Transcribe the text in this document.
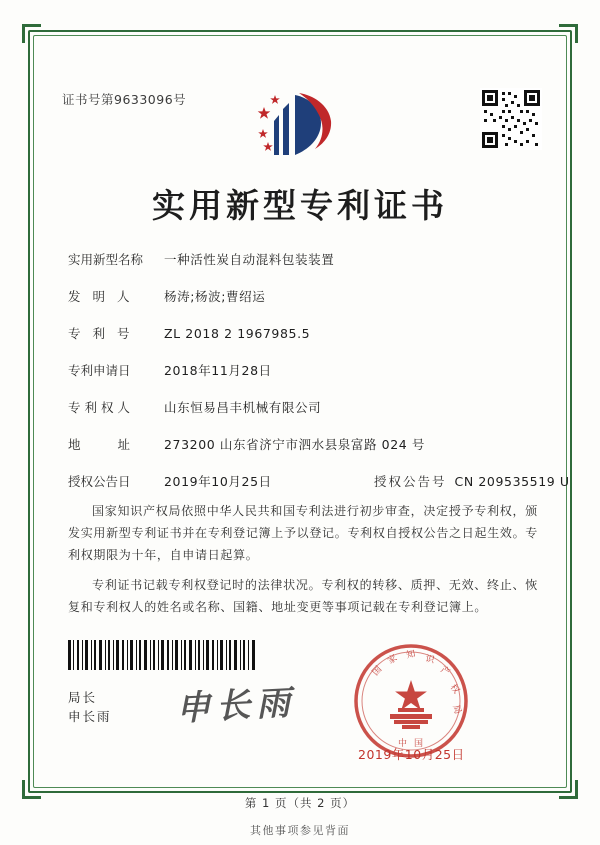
证书号第9633096号
实用新型专利证书
实用新型名称	一种活性炭自动混料包装装置
发 明 人	杨涛;杨波;曹绍运
专 利 号	ZL 2018 2 1967985.5
专利申请日	2018年11月28日
专 利 权 人	山东恒易昌丰机械有限公司
地　　址	273200 山东省济宁市泗水县泉富路 024 号
授权公告日	2019年10月25日	授权公告号 CN 209535519 U

国家知识产权局依照中华人民共和国专利法进行初步审查，决定授予专利权，颁发实用新型专利证书并在专利登记簿上予以登记。专利权自授权公告之日起生效。专利权期限为十年，自申请日起算。

专利证书记载专利权登记时的法律状况。专利权的转移、质押、无效、终止、恢复和专利权人的姓名或名称、国籍、地址变更等事项记载在专利登记簿上。

局长
申长雨 申长雨
国
家 知 识
产
权
局
中 国
2019年10月25日
第 1 页（共 2 页）
其他事项参见背面
